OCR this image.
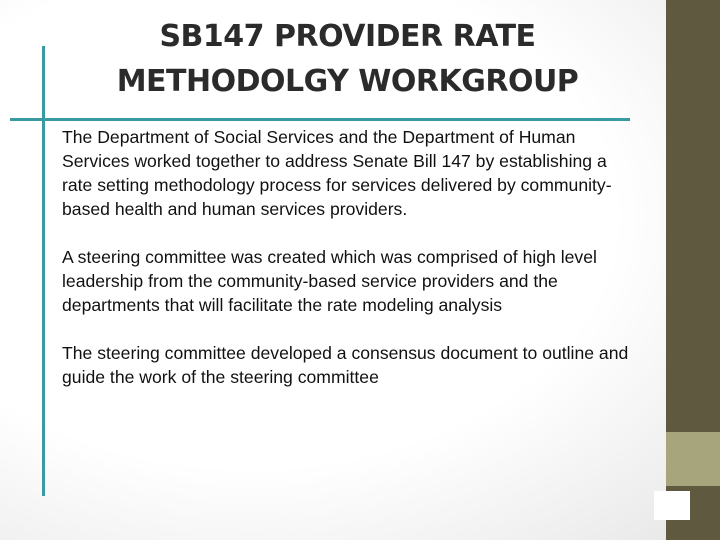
SB147 PROVIDER RATE METHODOLGY WORKGROUP

The Department of Social Services and the Department of Human Services worked together to address Senate Bill 147 by establishing a rate setting methodology process for services delivered by community-based health and human services providers.

A steering committee was created which was comprised of high level leadership from the community-based service providers and the departments that will facilitate the rate modeling analysis

The steering committee developed a consensus document to outline and guide the work of the steering committee
